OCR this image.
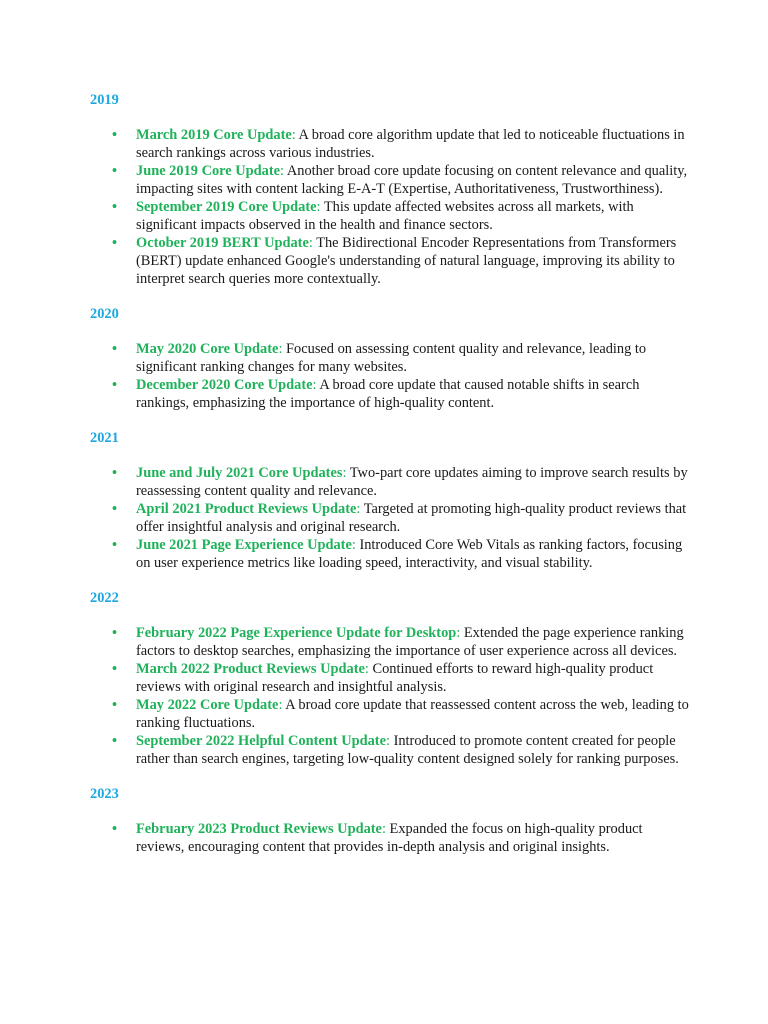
2019
• March 2019 Core Update: A broad core algorithm update that led to noticeable fluctuations in search rankings across various industries.
• June 2019 Core Update: Another broad core update focusing on content relevance and quality, impacting sites with content lacking E-A-T (Expertise, Authoritativeness, Trustworthiness).
• September 2019 Core Update: This update affected websites across all markets, with significant impacts observed in the health and finance sectors.
• October 2019 BERT Update: The Bidirectional Encoder Representations from Transformers (BERT) update enhanced Google's understanding of natural language, improving its ability to interpret search queries more contextually.
2020
• May 2020 Core Update: Focused on assessing content quality and relevance, leading to significant ranking changes for many websites.
• December 2020 Core Update: A broad core update that caused notable shifts in search rankings, emphasizing the importance of high-quality content.
2021
• June and July 2021 Core Updates: Two-part core updates aiming to improve search results by reassessing content quality and relevance.
• April 2021 Product Reviews Update: Targeted at promoting high-quality product reviews that offer insightful analysis and original research.
• June 2021 Page Experience Update: Introduced Core Web Vitals as ranking factors, focusing on user experience metrics like loading speed, interactivity, and visual stability.
2022
• February 2022 Page Experience Update for Desktop: Extended the page experience ranking factors to desktop searches, emphasizing the importance of user experience across all devices.
• March 2022 Product Reviews Update: Continued efforts to reward high-quality product reviews with original research and insightful analysis.
• May 2022 Core Update: A broad core update that reassessed content across the web, leading to ranking fluctuations.
• September 2022 Helpful Content Update: Introduced to promote content created for people rather than search engines, targeting low-quality content designed solely for ranking purposes.
2023
• February 2023 Product Reviews Update: Expanded the focus on high-quality product reviews, encouraging content that provides in-depth analysis and original insights.
